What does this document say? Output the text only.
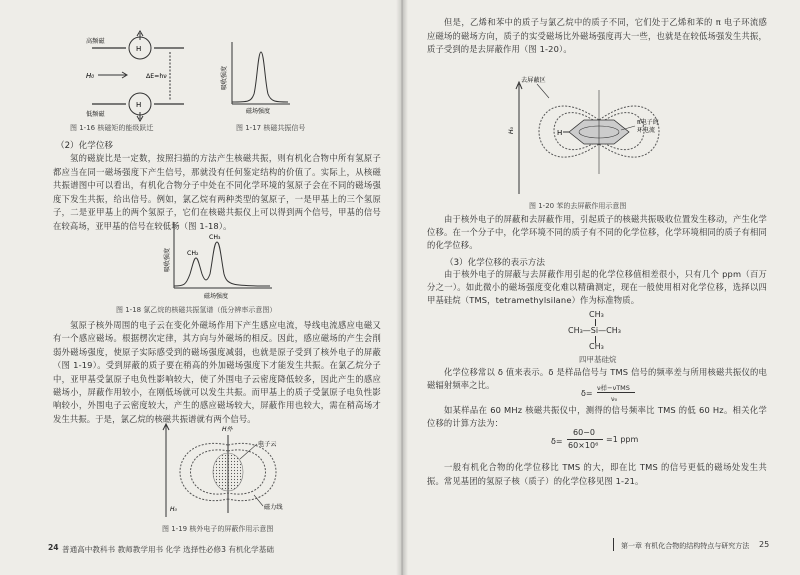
H
高频磁
H₀	ΔE=hν
H
低频磁
吸收强度
磁场强度
图 1-16 核磁矩的能级跃迁	图 1-17 核磁共振信号

（2）化学位移

氢的磁旋比是一定数，按照扫描的方法产生核磁共振，则有机化合物中所有氢原子都应当在同一磁场强度下产生信号，那就没有任何鉴定结构的价值了。实际上，从核磁共振谱图中可以看出，有机化合物分子中处在不同化学环境的氢原子会在不同的磁场强度下发生共振，给出信号。例如，氯乙烷有两种类型的氢原子，一是甲基上的三个氢原子，二是亚甲基上的两个氢原子，它们在核磁共振仪上可以得到两个信号，甲基的信号在较高场，亚甲基的信号在较低场（图 1-18）。

CH₂
CH₃
吸收强度
磁场强度
图 1-18 氯乙烷的核磁共振氢谱（低分辨率示意图）

氢原子核外周围的电子云在变化外磁场作用下产生感应电流，导线电流感应电磁又有一个感应磁场。根据楞次定律，其方向与外磁场的相反。因此，感应磁场的产生会削弱外磁场强度，使原子实际感受到的磁场强度减弱，也就是原子受到了核外电子的屏蔽（图 1-19）。受到屏蔽的质子要在稍高的外加磁场强度下才能发生共振。在氯乙烷分子中，亚甲基受氯原子电负性影响较大，使了外围电子云密度降低较多，因此产生的感应磁场小，屏蔽作用较小，在刚低场就可以发生共振。而甲基上的质子受氯原子电负性影响较小，外围电子云密度较大，产生的感应磁场较大，屏蔽作用也较大，需在稍高场才发生共振。于是，氯乙烷的核磁共振谱就有两个信号。

H₀
H外
电子云
磁力线
图 1-19 核外电子的屏蔽作用示意图
24 普通高中教科书 教师教学用书 化学 选择性必修3 有机化学基础

但是，乙烯和苯中的质子与氯乙烷中的质子不同，它们处于乙烯和苯的 π 电子环流感应磁场的磁场方向，质子的实受磁场比外磁场强度再大一些，也就是在较低场强发生共振，质子受到的是去屏蔽作用（图 1-20）。

H₀
去屏蔽区
H
π电子的
环电流
图 1-20 苯的去屏蔽作用示意图

由于核外电子的屏蔽和去屏蔽作用，引起质子的核磁共振吸收位置发生移动，产生化学位移。在一个分子中，化学环境不同的质子有不同的化学位移，化学环境相同的质子有相同的化学位移。

（3）化学位移的表示方法

由于核外电子的屏蔽与去屏蔽作用引起的化学位移值相差很小，只有几个 ppm（百万分之一）。如此微小的磁场强度变化难以精确测定，现在一般使用相对化学位移，选择以四甲基硅烷（TMS，tetramethylsilane）作为标准物质。

CH₃
CH₃—Si—CH₃
CH₃
四甲基硅烷

化学位移常以 δ 值来表示。δ 是样品信号与 TMS 信号的频率差与所用核磁共振仪的电磁辐射频率之比。

δ=
ν样−νTMS
ν₀

如某样品在 60 MHz 核磁共振仪中，测得的信号频率比 TMS 的低 60 Hz。相关化学位移的计算方法为：

δ=
60−0
60×10⁶
=1 ppm

一般有机化合物的化学位移比 TMS 的大，即在比 TMS 的信号更低的磁场处发生共振。常见基团的氢原子核（质子）的化学位移见图 1-21。

第一章 有机化合物的结构特点与研究方法 25
